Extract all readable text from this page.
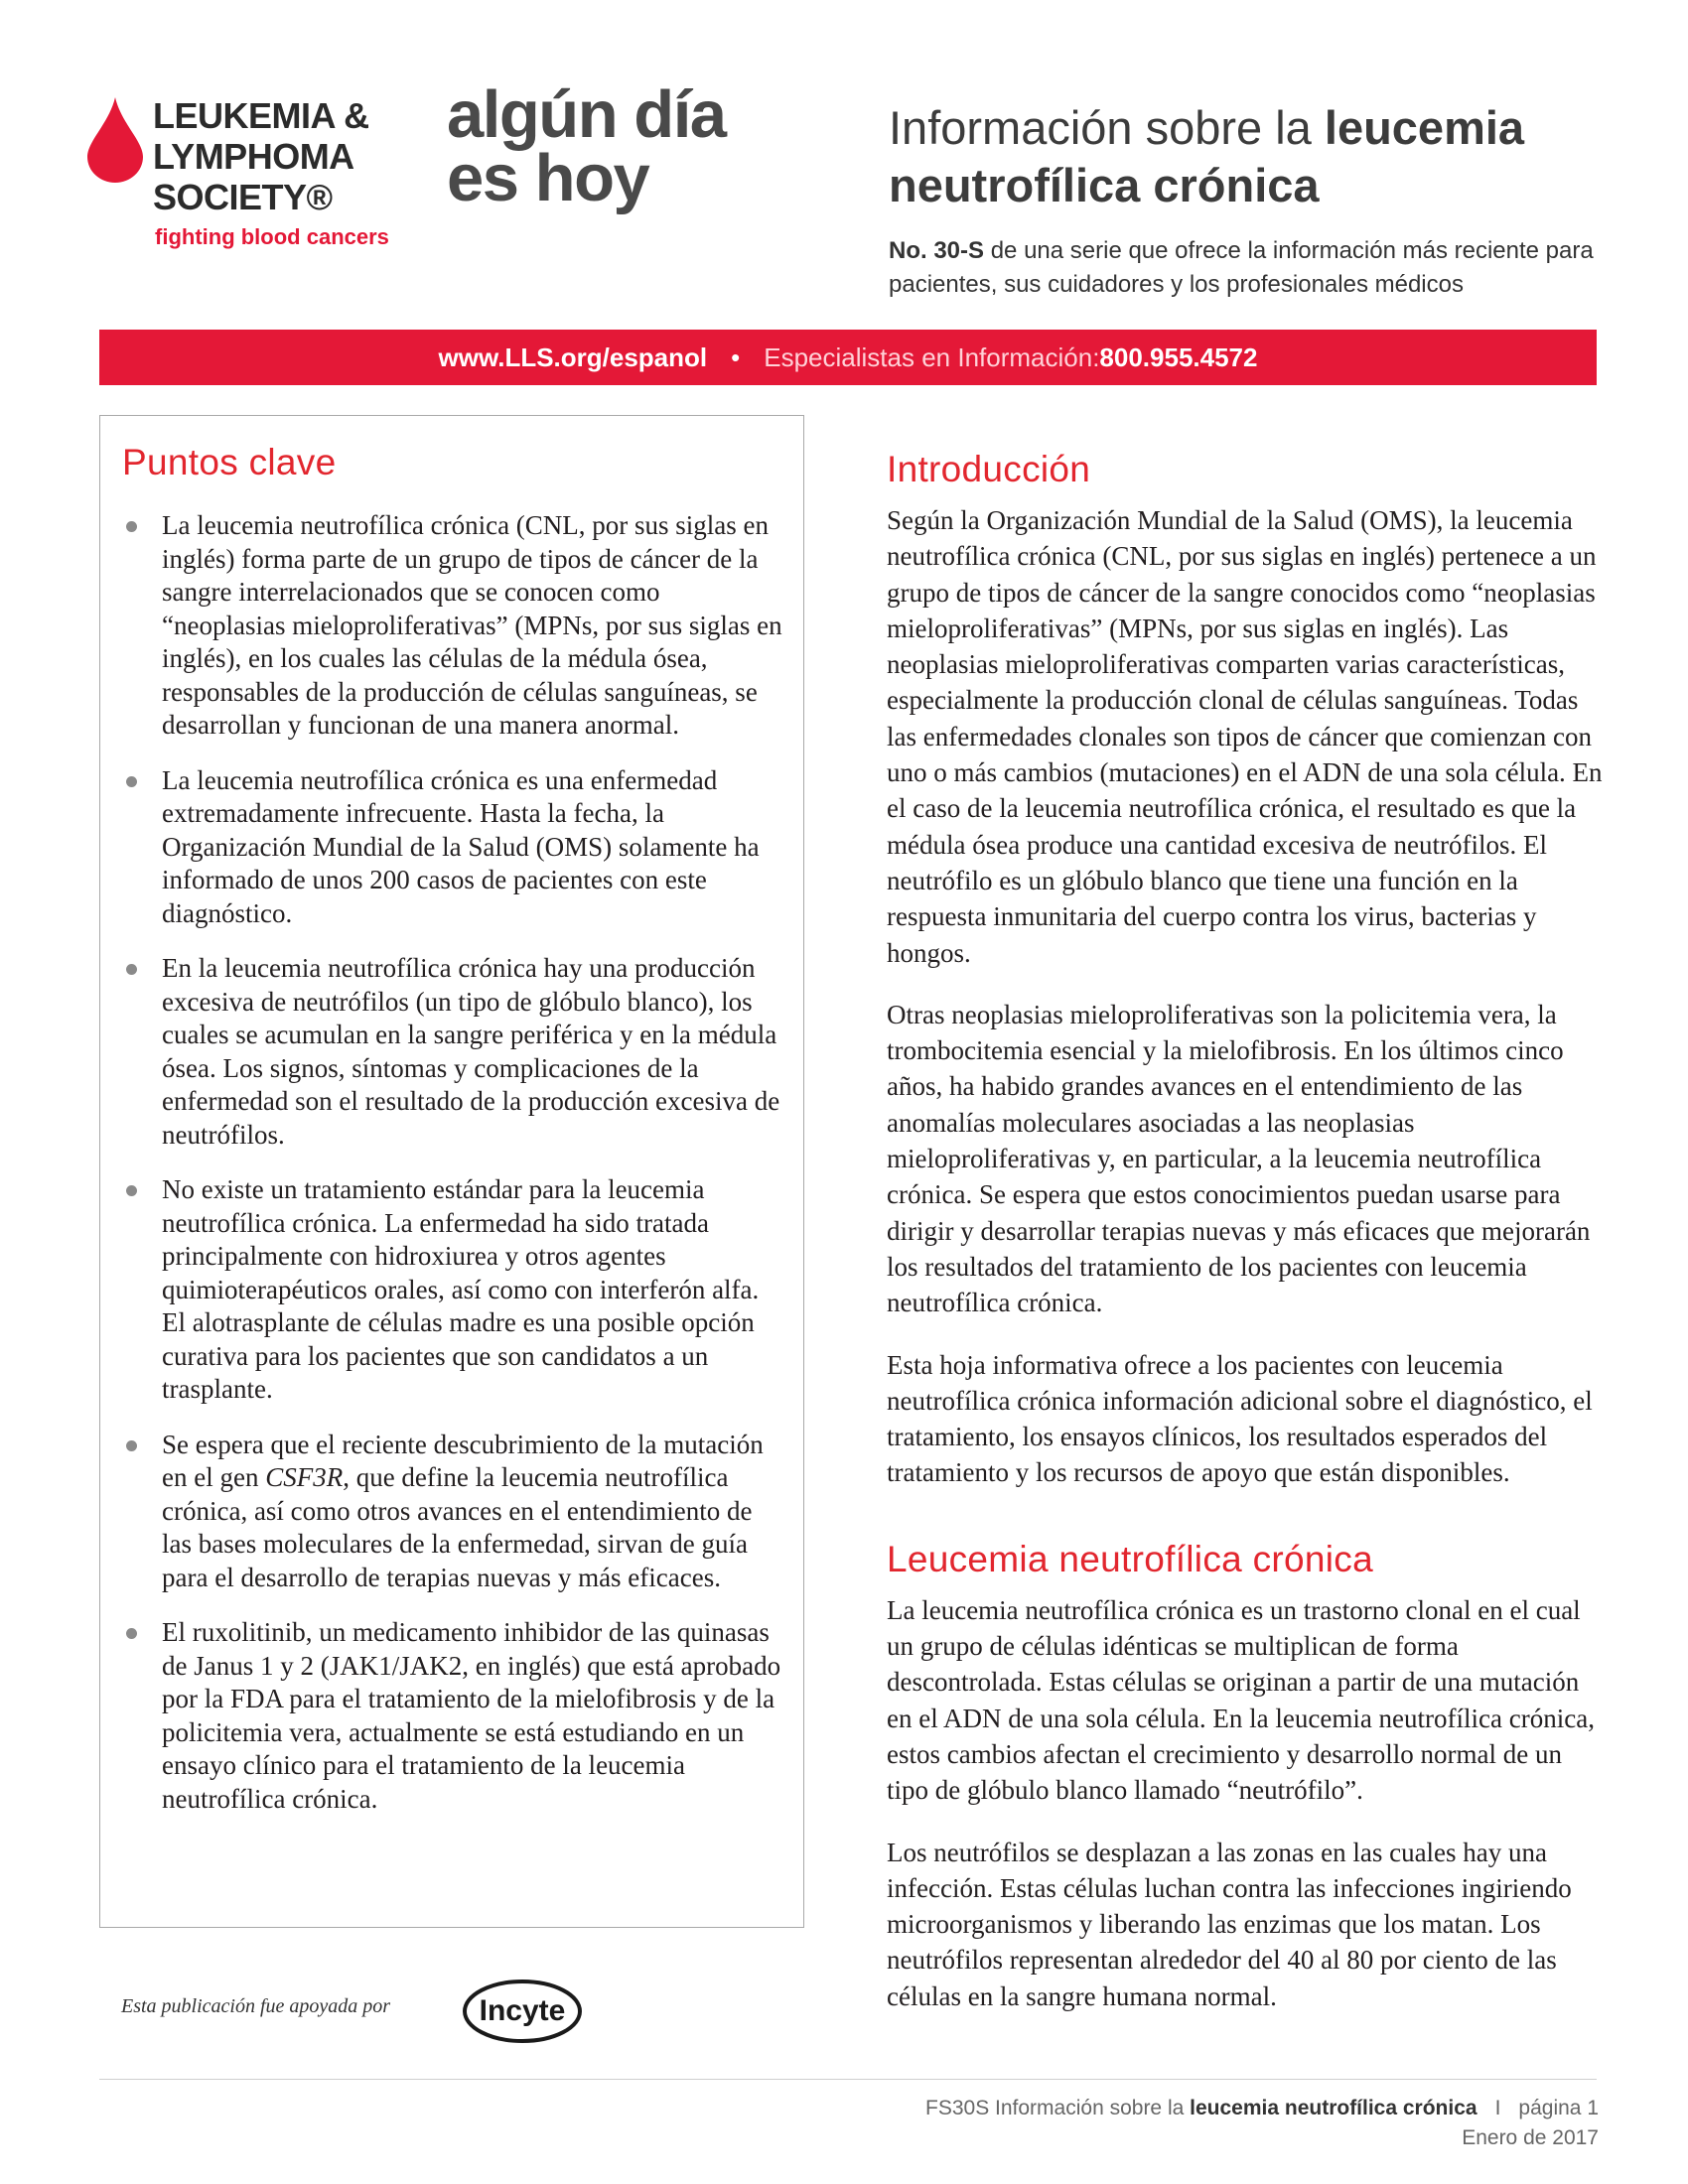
LEUKEMIA &
LYMPHOMA
SOCIETY®
fighting blood cancers
algún día
es hoy
Información sobre la leucemia
neutrofílica crónica

No. 30-S de una serie que ofrece la información más reciente para pacientes, sus cuidadores y los profesionales médicos

www.LLS.org/espanol • Especialistas en Información: 800.955.4572
Puntos clave
La leucemia neutrofílica crónica (CNL, por sus siglas en inglés) forma parte de un grupo de tipos de cáncer de la sangre interrelacionados que se conocen como “neoplasias mieloproliferativas” (MPNs, por sus siglas en inglés), en los cuales las células de la médula ósea, responsables de la producción de células sanguíneas, se desarrollan y funcionan de una manera anormal.
La leucemia neutrofílica crónica es una enfermedad extremadamente infrecuente. Hasta la fecha, la Organización Mundial de la Salud (OMS) solamente ha informado de unos 200 casos de pacientes con este diagnóstico.
En la leucemia neutrofílica crónica hay una producción excesiva de neutrófilos (un tipo de glóbulo blanco), los cuales se acumulan en la sangre periférica y en la médula ósea. Los signos, síntomas y complicaciones de la enfermedad son el resultado de la producción excesiva de neutrófilos.
No existe un tratamiento estándar para la leucemia neutrofílica crónica. La enfermedad ha sido tratada principalmente con hidroxiurea y otros agentes quimioterapéuticos orales, así como con interferón alfa. El alotrasplante de células madre es una posible opción curativa para los pacientes que son candidatos a un trasplante.
Se espera que el reciente descubrimiento de la mutación en el gen CSF3R, que define la leucemia neutrofílica crónica, así como otros avances en el entendimiento de las bases moleculares de la enfermedad, sirvan de guía para el desarrollo de terapias nuevas y más eficaces.
El ruxolitinib, un medicamento inhibidor de las quinasas de Janus 1 y 2 (JAK1/JAK2, en inglés) que está aprobado por la FDA para el tratamiento de la mielofibrosis y de la policitemia vera, actualmente se está estudiando en un ensayo clínico para el tratamiento de la leucemia neutrofílica crónica.
Introducción

Según la Organización Mundial de la Salud (OMS), la leucemia neutrofílica crónica (CNL, por sus siglas en inglés) pertenece a un grupo de tipos de cáncer de la sangre conocidos como “neoplasias mieloproliferativas” (MPNs, por sus siglas en inglés). Las neoplasias mieloproliferativas comparten varias características, especialmente la producción clonal de células sanguíneas. Todas las enfermedades clonales son tipos de cáncer que comienzan con uno o más cambios (mutaciones) en el ADN de una sola célula. En el caso de la leucemia neutrofílica crónica, el resultado es que la médula ósea produce una cantidad excesiva de neutrófilos. El neutrófilo es un glóbulo blanco que tiene una función en la respuesta inmunitaria del cuerpo contra los virus, bacterias y hongos.

Otras neoplasias mieloproliferativas son la policitemia vera, la trombocitemia esencial y la mielofibrosis. En los últimos cinco años, ha habido grandes avances en el entendimiento de las anomalías moleculares asociadas a las neoplasias mieloproliferativas y, en particular, a la leucemia neutrofílica crónica. Se espera que estos conocimientos puedan usarse para dirigir y desarrollar terapias nuevas y más eficaces que mejorarán los resultados del tratamiento de los pacientes con leucemia neutrofílica crónica.

Esta hoja informativa ofrece a los pacientes con leucemia neutrofílica crónica información adicional sobre el diagnóstico, el tratamiento, los ensayos clínicos, los resultados esperados del tratamiento y los recursos de apoyo que están disponibles.

Leucemia neutrofílica crónica

La leucemia neutrofílica crónica es un trastorno clonal en el cual un grupo de células idénticas se multiplican de forma descontrolada. Estas células se originan a partir de una mutación en el ADN de una sola célula. En la leucemia neutrofílica crónica, estos cambios afectan el crecimiento y desarrollo normal de un tipo de glóbulo blanco llamado “neutrófilo”.

Los neutrófilos se desplazan a las zonas en las cuales hay una infección. Estas células luchan contra las infecciones ingiriendo microorganismos y liberando las enzimas que los matan. Los neutrófilos representan alrededor del 40 al 80 por ciento de las células en la sangre humana normal.

Esta publicación fue apoyada por	Incyte
FS30S Información sobre la leucemia neutrofílica crónica I página 1
Enero de 2017
